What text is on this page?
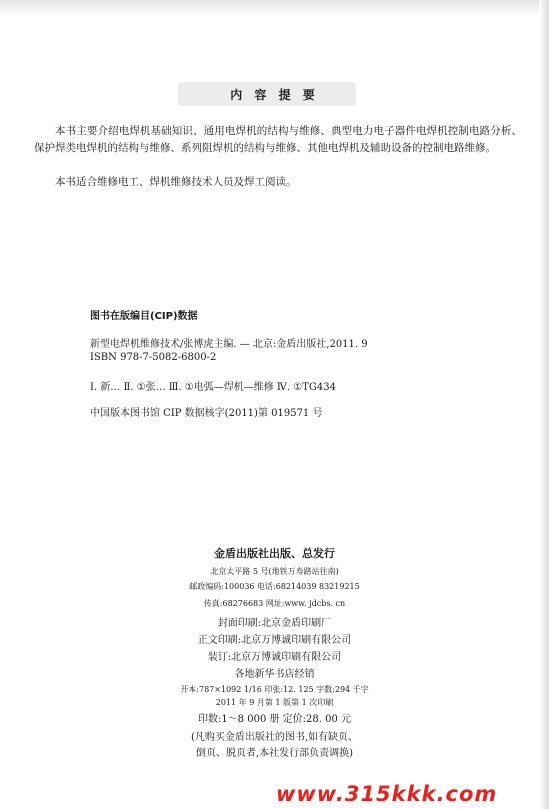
内 容 提 要
本书主要介绍电焊机基础知识、通用电焊机的结构与维修、典型电力电子器件电焊机控制电路分析、保护焊类电焊机的结构与维修、系列阻焊机的结构与维修、其他电焊机及辅助设备的控制电路维修。
本书适合维修电工、焊机维修技术人员及焊工阅读。
图书在版编目(CIP)数据
新型电焊机维修技术/张博虎主编. — 北京:金盾出版社,2011. 9
ISBN 978-7-5082-6800-2
Ⅰ. 新… Ⅱ. ①张… Ⅲ. ①电弧—焊机—维修 Ⅳ. ①TG434
中国版本图书馆 CIP 数据核字(2011)第 019571 号
金盾出版社出版、总发行
北京太平路 5 号(地铁万寿路站往南)
邮政编码:100036 电话:68214039 83219215
传真:68276683 网址:www. jdcbs. cn
封面印刷:北京金盾印刷厂
正文印刷:北京万博诚印刷有限公司
装订:北京万博诚印刷有限公司
各地新华书店经销
开本:787×1092 1/16 印张:12. 125 字数:294 千字
2011 年 9 月第 1 版第 1 次印刷
印数:1～8 000 册 定价:28. 00 元
(凡购买金盾出版社的图书,如有缺页、
倒页、脱页者,本社发行部负责调换)
www.315kkk.com
